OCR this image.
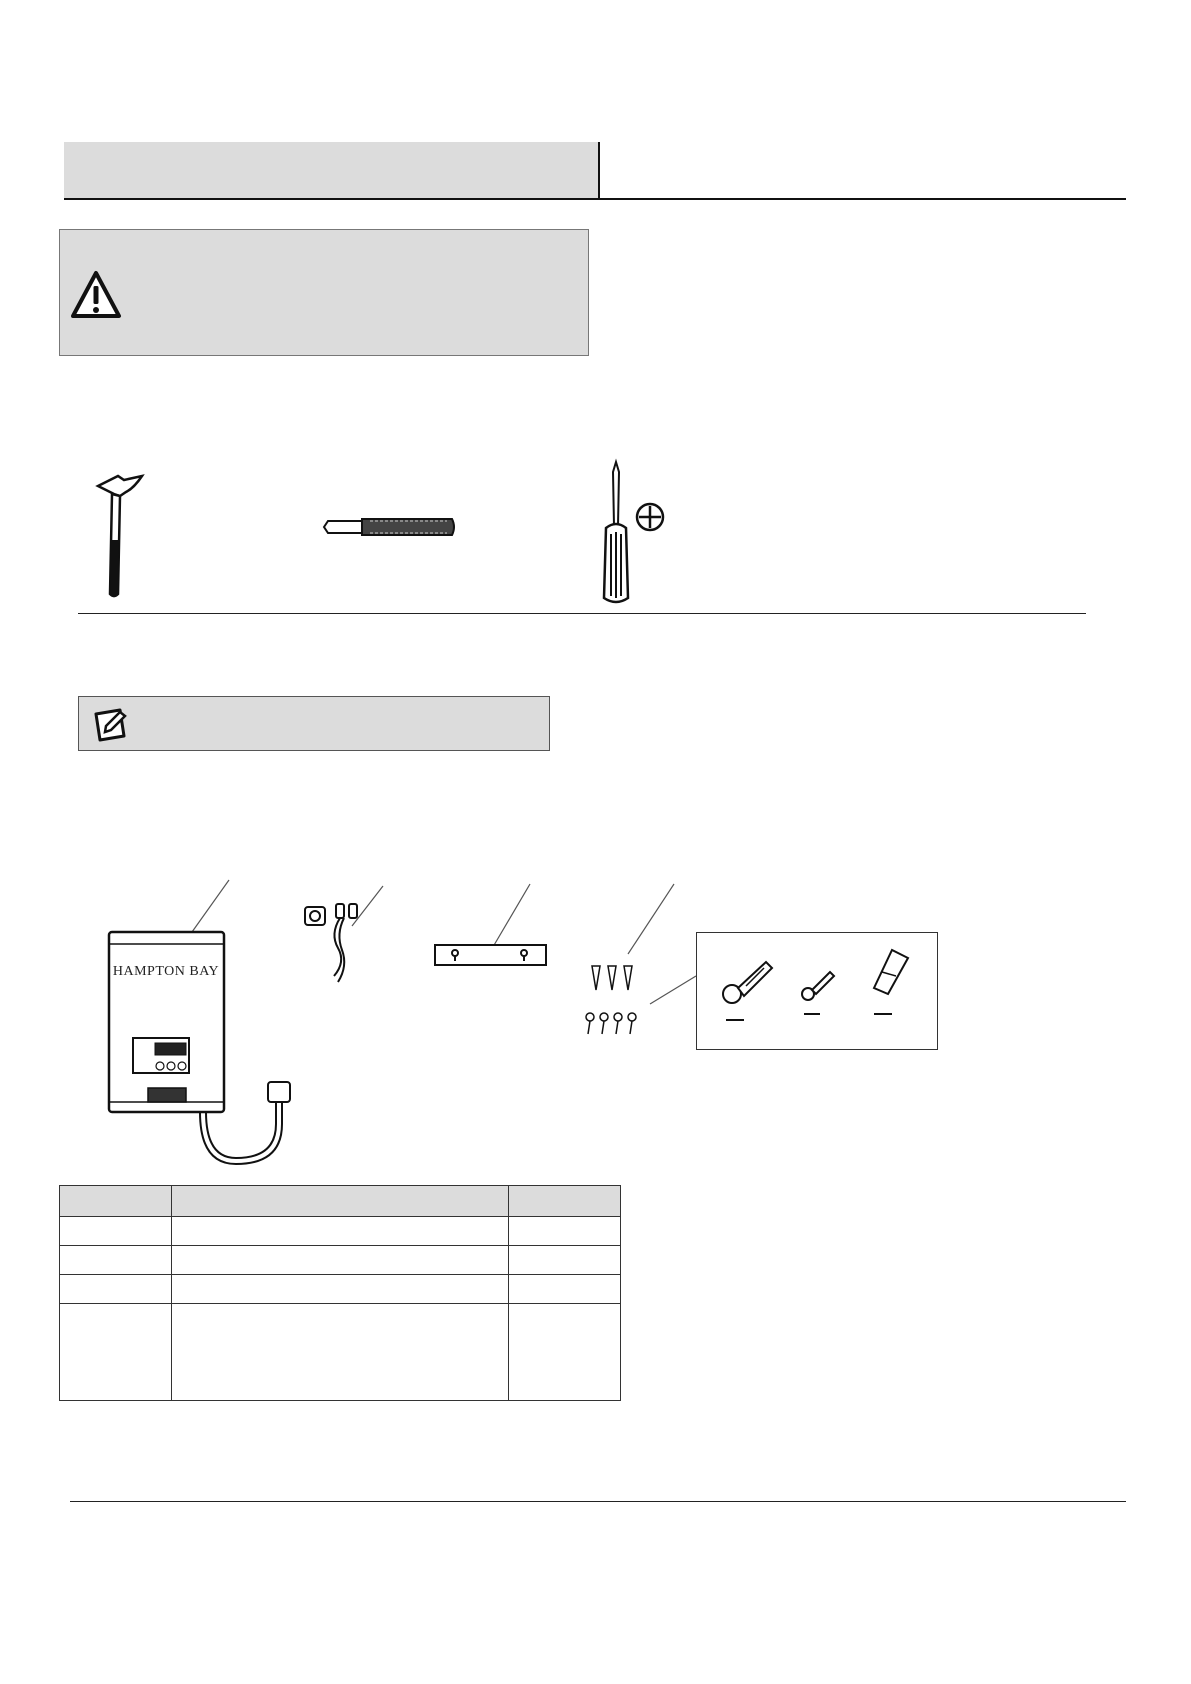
HAMPTON BAY
